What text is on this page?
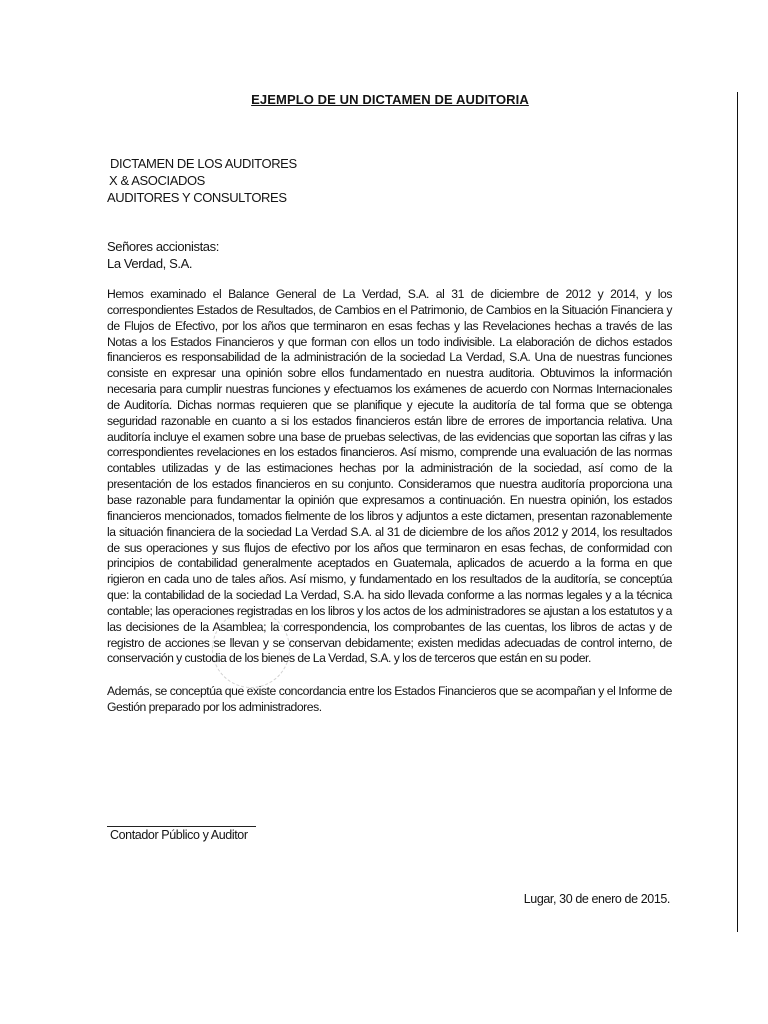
EJEMPLO DE UN DICTAMEN DE AUDITORIA
DICTAMEN DE LOS AUDITORES
X & ASOCIADOS
AUDITORES Y CONSULTORES
Señores accionistas:
La Verdad, S.A.

Hemos examinado el Balance General de La Verdad, S.A. al 31 de diciembre de 2012 y 2014, y los correspondientes Estados de Resultados, de Cambios en el Patrimonio, de Cambios en la Situación Financiera y de Flujos de Efectivo, por los años que terminaron en esas fechas y las Revelaciones hechas a través de las Notas a los Estados Financieros y que forman con ellos un todo indivisible. La elaboración de dichos estados financieros es responsabilidad de la administración de la sociedad La Verdad, S.A. Una de nuestras funciones consiste en expresar una opinión sobre ellos fundamentado en nuestra auditoria. Obtuvimos la información necesaria para cumplir nuestras funciones y efectuamos los exámenes de acuerdo con Normas Internacionales de Auditoría. Dichas normas requieren que se planifique y ejecute la auditoría de tal forma que se obtenga seguridad razonable en cuanto a si los estados financieros están libre de errores de importancia relativa. Una auditoría incluye el examen sobre una base de pruebas selectivas, de las evidencias que soportan las cifras y las correspondientes revelaciones en los estados financieros. Así mismo, comprende una evaluación de las normas contables utilizadas y de las estimaciones hechas por la administración de la sociedad, así como de la presentación de los estados financieros en su conjunto. Consideramos que nuestra auditoría proporciona una base razonable para fundamentar la opinión que expresamos a continuación. En nuestra opinión, los estados financieros mencionados, tomados fielmente de los libros y adjuntos a este dictamen, presentan razonablemente la situación financiera de la sociedad La Verdad S.A. al 31 de diciembre de los años 2012 y 2014, los resultados de sus operaciones y sus flujos de efectivo por los años que terminaron en esas fechas, de conformidad con principios de contabilidad generalmente aceptados en Guatemala, aplicados de acuerdo a la forma en que rigieron en cada uno de tales años. Así mismo, y fundamentado en los resultados de la auditoría, se conceptúa que: la contabilidad de la sociedad La Verdad, S.A. ha sido llevada conforme a las normas legales y a la técnica contable; las operaciones registradas en los libros y los actos de los administradores se ajustan a los estatutos y a las decisiones de la Asamblea; la correspondencia, los comprobantes de las cuentas, los libros de actas y de registro de acciones se llevan y se conservan debidamente; existen medidas adecuadas de control interno, de conservación y custodia de los bienes de La Verdad, S.A. y los de terceros que están en su poder.

Además, se conceptúa que existe concordancia entre los Estados Financieros que se acompañan y el Informe de Gestión preparado por los administradores.

Contador Público y Auditor
Lugar, 30 de enero de 2015.
